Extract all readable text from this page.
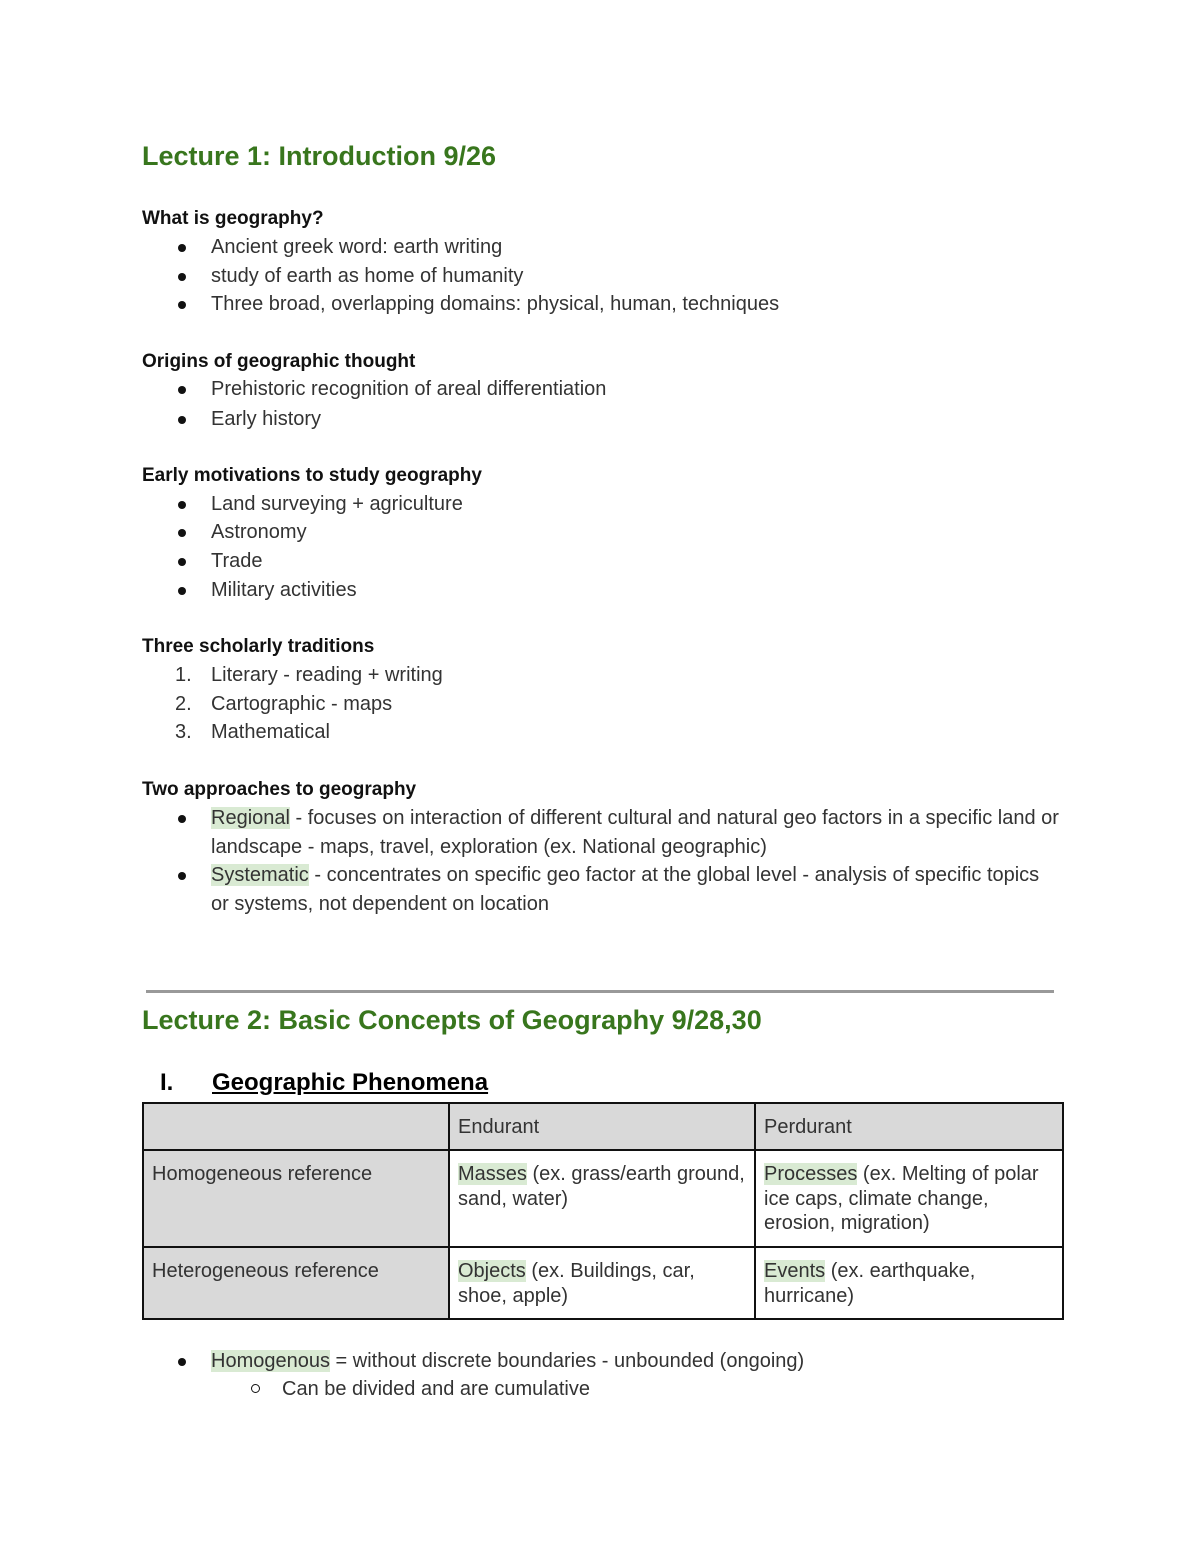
Lecture 1: Introduction 9/26
What is geography?
Ancient greek word: earth writing
study of earth as home of humanity
Three broad, overlapping domains: physical, human, techniques
Origins of geographic thought
Prehistoric recognition of areal differentiation
Early history
Early motivations to study geography
Land surveying + agriculture
Astronomy
Trade
Military activities
Three scholarly traditions
1. Literary - reading + writing
2. Cartographic - maps
3. Mathematical
Two approaches to geography
Regional - focuses on interaction of different cultural and natural geo factors in a specific land or landscape - maps, travel, exploration (ex. National geographic)
Systematic - concentrates on specific geo factor at the global level - analysis of specific topics or systems, not dependent on location
Lecture 2: Basic Concepts of Geography 9/28,30
I. Geographic Phenomena
	Endurant	Perdurant
Homogeneous reference	Masses (ex. grass/earth ground, sand, water)	Processes (ex. Melting of polar ice caps, climate change, erosion, migration)
Heterogeneous reference	Objects (ex. Buildings, car, shoe, apple)	Events (ex. earthquake, hurricane)
Homogenous = without discrete boundaries - unbounded (ongoing)
Can be divided and are cumulative
